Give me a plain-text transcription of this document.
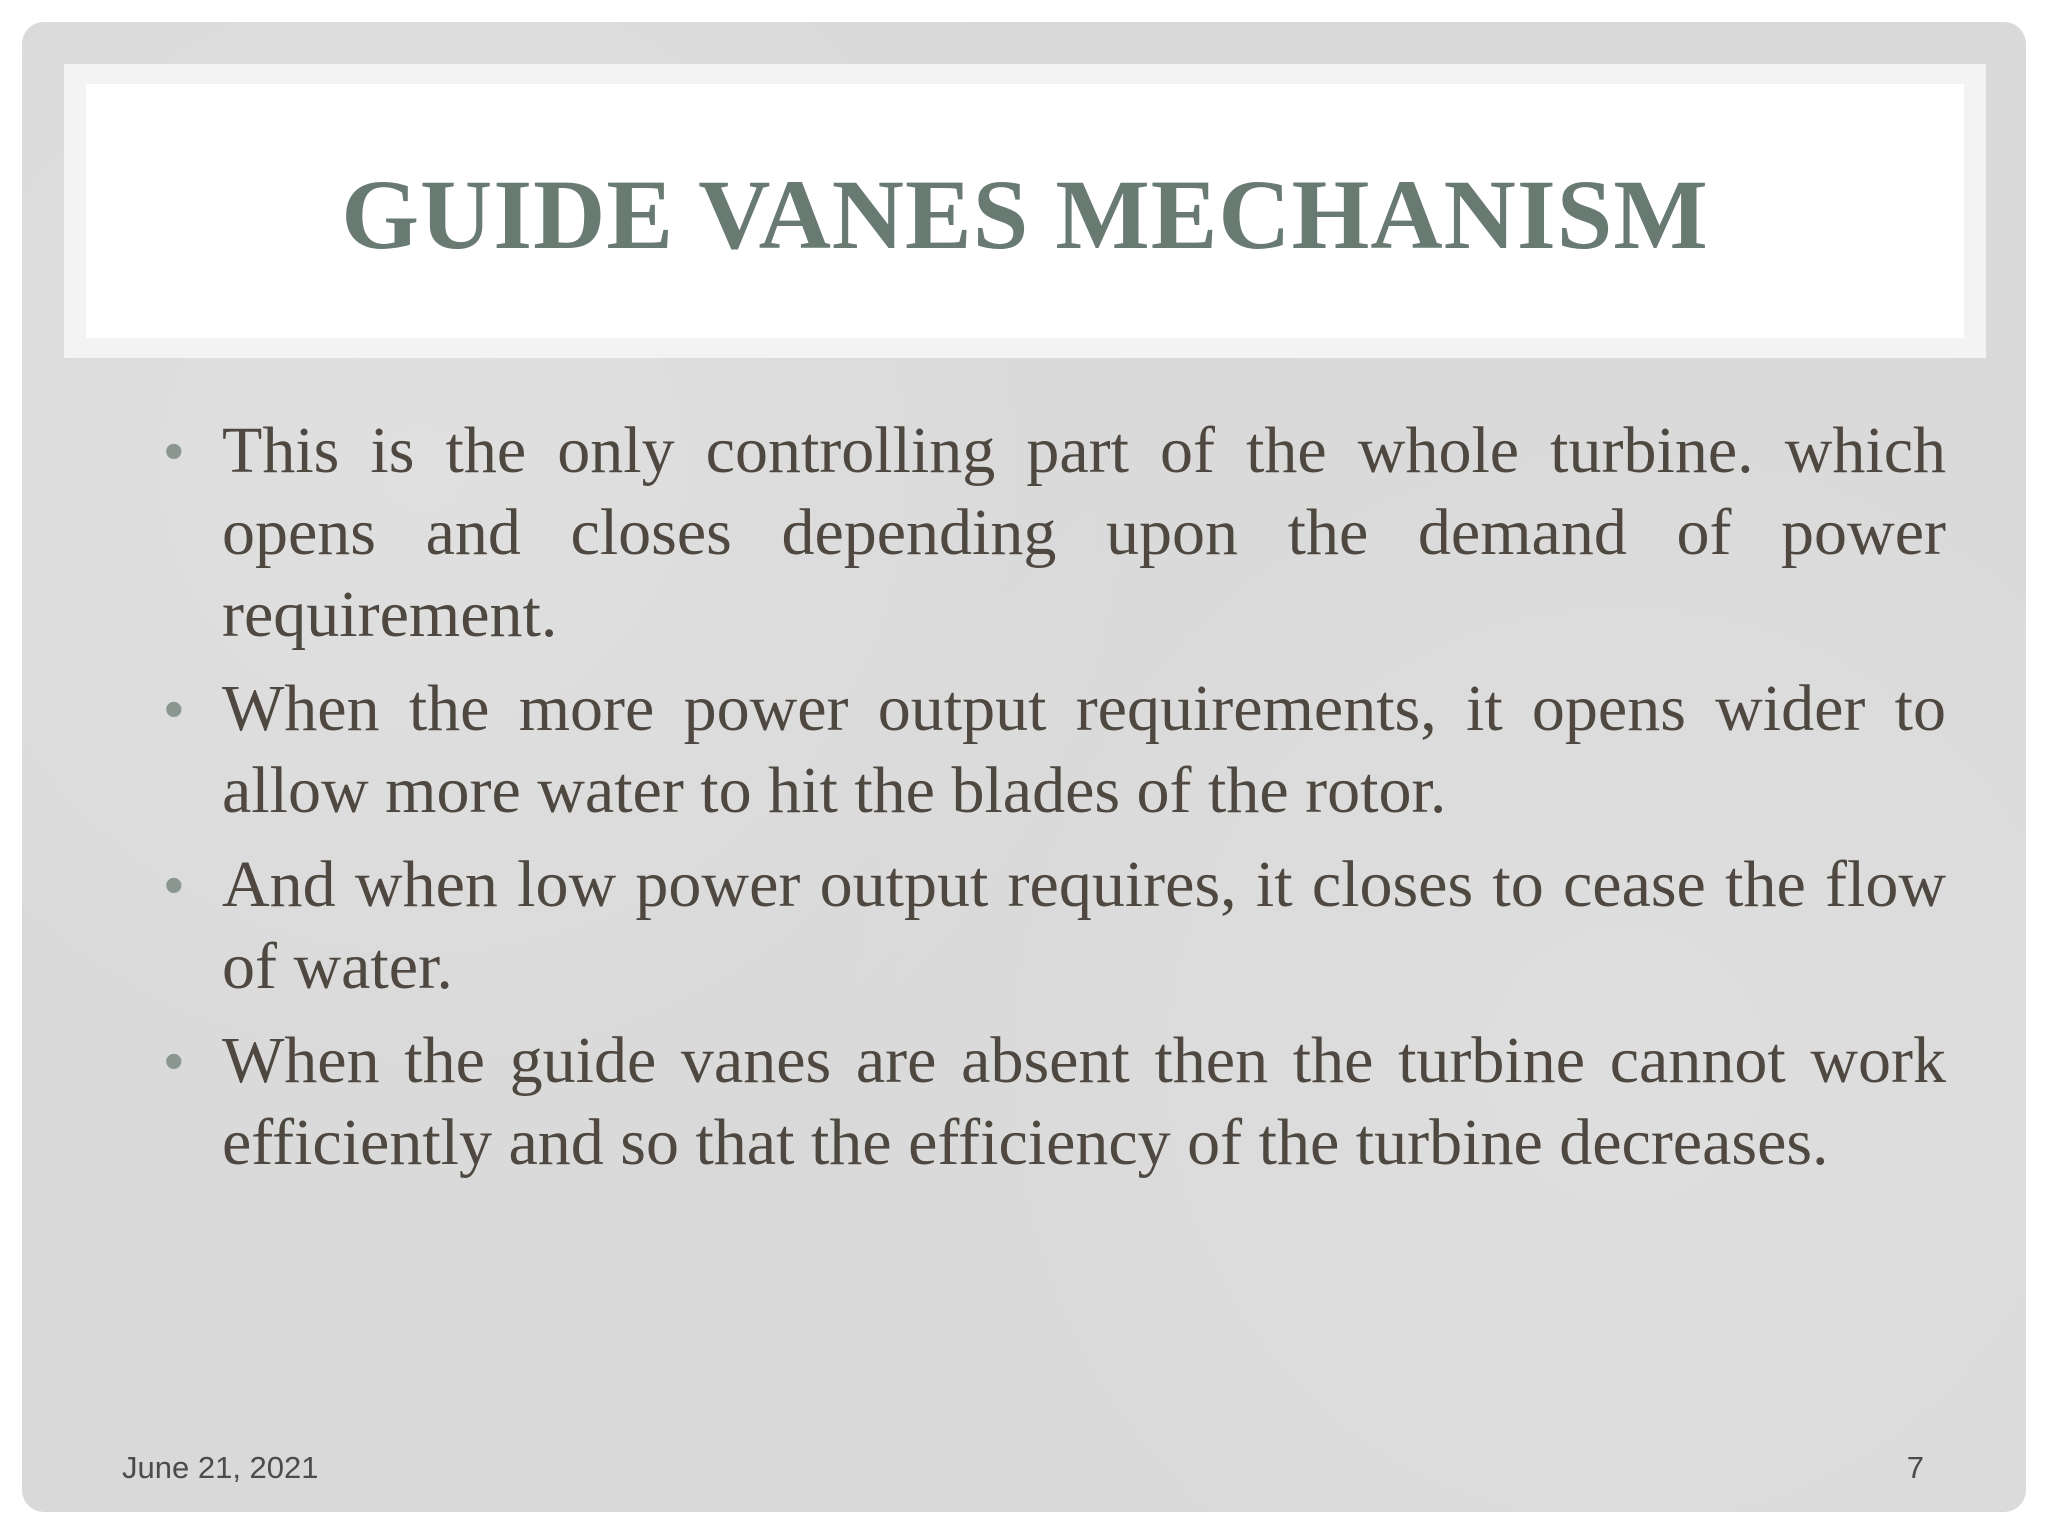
GUIDE VANES MECHANISM
• This is the only controlling part of the whole turbine. which opens and closes depending upon the demand of power requirement.
• When the more power output requirements, it opens wider to allow more water to hit the blades of the rotor.
• And when low power output requires, it closes to cease the flow of water.
• When the guide vanes are absent then the turbine cannot work efficiently and so that the efficiency of the turbine decreases.

June 21, 2021	7
